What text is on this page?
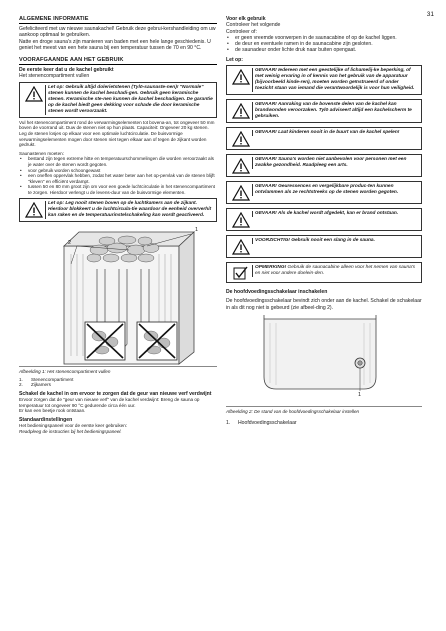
31
ALGEMENE INFORMATIE
Gefeliciteerd met uw nieuwe saunakachel! Gebruik deze gebrui-kershandleiding om uw aankoop optimaal te gebruiken.
Natte en droge sauna's zijn manieren van baden met een hele lange geschiedenis. U geniet het meest van een hete sauna bij een temperatuur tussen de 70 en 90 °C.
VOORAFGAANDE AAN HET GEBRUIK
De eerste keer dat u de kachel gebruikt
Het stenencompartiment vullen
Let op: Gebruik altijd dolerietstenen (Tylö-saunaste-nen)! "Normale" stenen kunnen de kachel beschadi-gen. Gebruik geen keramische stenen. Keramische ste-nen kunnen de kachel beschadigen. De garantie op de kachel biedt geen dekking voor schade die door keramische stenen wordt veroorzaakt.
Vul het stenencompartiment rond de verwarmingselementen tot bovena-an, tot ongeveer 50 mm boven de voorrand uit. Duw de stenen niet op hun plaats. Capaciteit: Ongeveer 20 kg stenen.
Leg de stenen losjes op elkaar voor een optimale luchtcirculatie. De buisvormige verwarmingselementen mogen door stenen niet tegen elkaar aan of tegen de zijkant worden gedrukt.
Saunastenen moeten:
• bestand zijn tegen extreme hitte en temperatuurschommelingen die worden veroorzaakt als je water over de stenen wordt gegoten.
• voor gebruik worden schoongewast
• een oneffen oppervlak hebben, zodat het water beter aan het op-pervlak van de stenen blijft "kleven" en efficiënt verdampt.
• tussen 50 en 80 mm groot zijn om voor een goede luchtcirculatie in het stenencompartiment te zorgen. Hierdoor verlengt u de levens-duur van de buisvormige elementen.
Let op: Leg nooit stenen boven op de luchtkamers aan de zijkant. Hierdoor blokkeert u de luchtcircula-tie waardoor de eenheid oververhit kan raken en de temperatuurinstelschakeling kan wordt geactiveerd.
2
1
Afbeelding 1: Het stenencompartiment vullen
1.	Stenencompartiment
2.	Zijkamers
Schakel de kachel in om ervoor te zorgen dat de geur van nieuwe verf verdwijnt
Ervoor zorgen dat de "geur van nieuwe verf" van de kachel verdwijnt: Breng de sauna op temperatuur tot ongeveer 90 °C gedurende circa één uur.
Er kan een beetje rook ontstaan.
Standaardinstellingen
Het bedieningspaneel voor de eerste keer gebruiken:
Readpleeg de instructies bij het bedieningspaneel.
Voor elk gebruik
Controleer het volgende
Controleer of:
• er geen vreemde voorwerpen in de saunacabine of op de kachel liggen.
• de deur en eventuele ramen in de saunacabine zijn gesloten.
• de saunadeur onder lichte druk naar buiten opengaat.
Let op:
GEVAAR! Iedereen met een geestelijke of lichamelij-ke beperking, of met weinig ervaring in of kennis van het gebruik van de apparatuur (bijvoorbeeld kinde-ren), moeten worden geïnstrueerd of onder toezicht staan van iemand die verantwoordelijk is voor hun veiligheid.
GEVAAR! Aanraking van de bovenste delen van de kachel kan brandwonden veroorzaken. Tylö adviseert altijd een kachelscherm te gebruiken.
GEVAAR! Laat kinderen nooit in de buurt van de kachel spelen!
GEVAAR! Sauna's worden niet aanbevolen voor personen met een zwakke gezondheid. Raadpleeg een arts.
GEVAAR! Geuressences en vergelijkbare produc-ten kunnen ontvlammen als ze rechtstreeks op de stenen worden gegoten.
GEVAAR! Als de kachel wordt afgedekt, kan er brand ontstaan.
VOORZICHTIG! Gebruik nooit een slang in de sauna.
OPMERKING! Gebruik de saunacabine alleen voor het nemen van sauna's en niet voor andere doelein-den.
De hoofdvoedingsschakelaar inschakelen
De hoofdvoedingsschakelaar bevindt zich onder aan de kachel. Schakel de schakelaar in als dit nog niet is gebeurd (zie afbeel-ding 2).
1
Afbeelding 2: De stand van de hoofdvoedingsschakelaar instellen
1.	Hoofdvoedingsschakelaar
